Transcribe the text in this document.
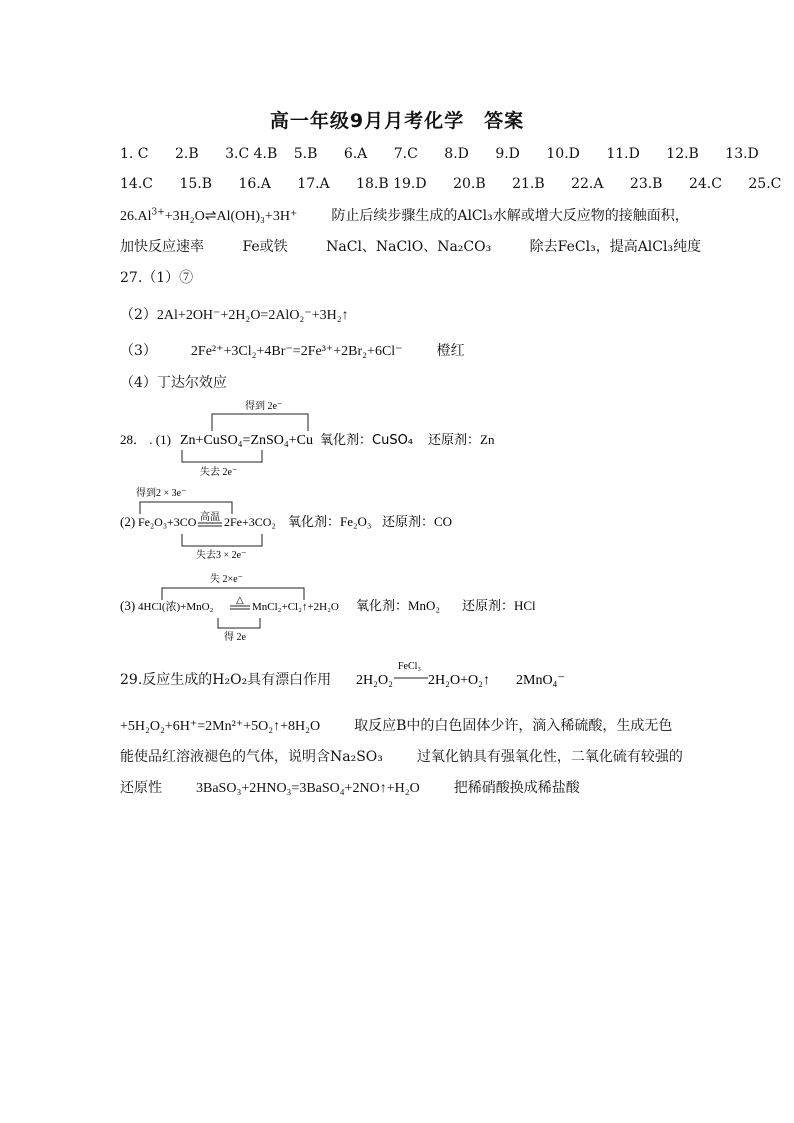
高一年级9月月考化学　答案
1. C 2.B 3.C 4.B 5.B 6.A 7.C 8.D 9.D 10.D 11.D 12.B 13.D
14.C 15.B 16.A 17.A 18.B 19.D 20.B 21.B 22.A 23.B 24.C 25.C
$26.Al^{3+}+3H_2O\rightleftharpoons Al(OH)_3+3H^+$ 防止后续步骤生成的AlCl₃水解或增大反应物的接触面积，
加快反应速率	Fe或铁	NaCl、NaClO、Na₂CO₃	除去FeCl₃，提高AlCl₃纯度
27.（1）⑦
（2）2Al+2OH⁻+2H₂O=2AlO₂⁻+3H₂↑
（3） 2Fe²⁺+3Cl₂+4Br⁻=2Fe³⁺+2Br₂+6Cl⁻ 橙红
（4）丁达尔效应
28． . (1)
得到 2e⁻
Zn+CuSO₄=ZnSO₄+Cu
失去 2e⁻
氧化剂：CuSO₄ 还原剂：Zn
得到2 × 3e⁻
(2) Fe₂O₃+3CO 高温 2Fe+3CO₂
失去3 × 2e⁻
氧化剂：Fe₂O₃ 还原剂：CO
失 2×e⁻
(3) 4HCl(浓)+MnO₂
△
MnCl₂+Cl₂↑+2H₂O
得 2e
氧化剂：MnO₂ 还原剂：HCl
29.反应生成的H₂O₂具有漂白作用 2H₂O₂
FeCl₃
2H₂O+O₂↑ 2MnO₄⁻
+5H₂O₂+6H⁺=2Mn²⁺+5O₂↑+8H₂O 取反应B中的白色固体少许，滴入稀硫酸，生成无色
能使品红溶液褪色的气体，说明含Na₂SO₃ 过氧化钠具有强氧化性，二氧化硫有较强的
还原性 3BaSO₃+2HNO₃=3BaSO₄+2NO↑+H₂O 把稀硝酸换成稀盐酸
